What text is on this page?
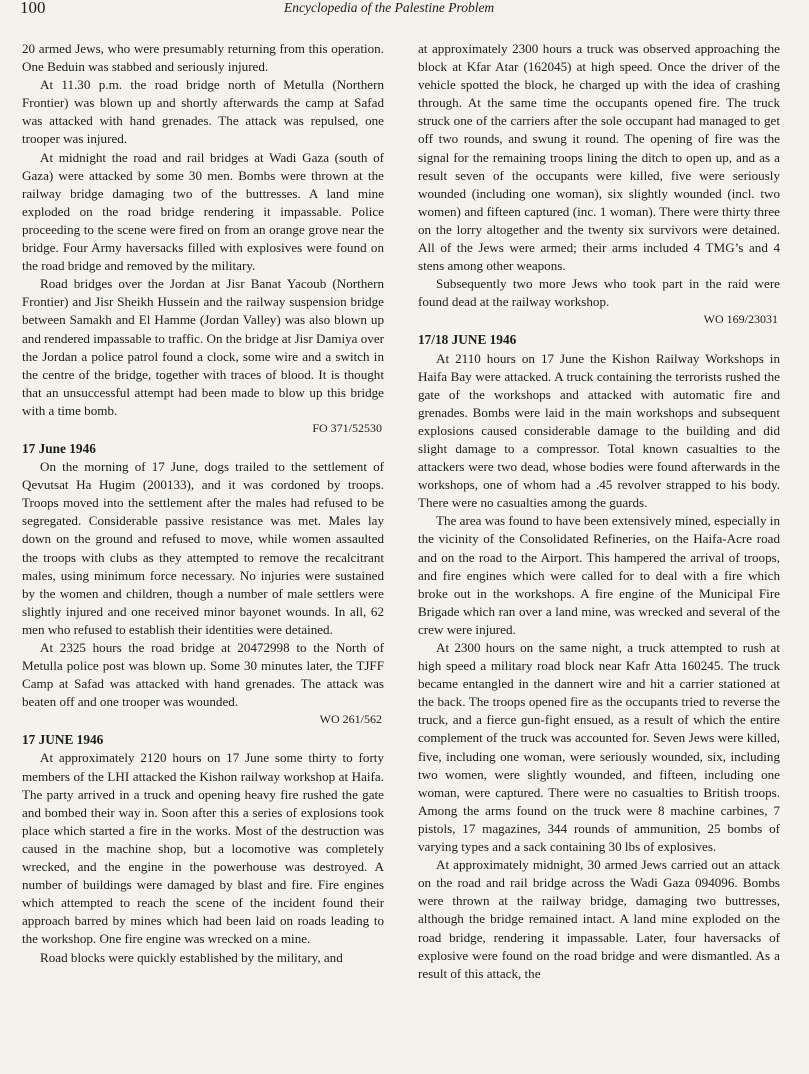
100	Encyclopedia of the Palestine Problem

20 armed Jews, who were presumably returning from this operation. One Beduin was stabbed and seriously injured.

At 11.30 p.m. the road bridge north of Metulla (Northern Frontier) was blown up and shortly afterwards the camp at Safad was attacked with hand grenades. The attack was repulsed, one trooper was injured.

At midnight the road and rail bridges at Wadi Gaza (south of Gaza) were attacked by some 30 men. Bombs were thrown at the railway bridge damaging two of the buttresses. A land mine exploded on the road bridge rendering it impassable. Police proceeding to the scene were fired on from an orange grove near the bridge. Four Army haversacks filled with explosives were found on the road bridge and removed by the military.

Road bridges over the Jordan at Jisr Banat Yacoub (Northern Frontier) and Jisr Sheikh Hussein and the railway suspension bridge between Samakh and El Hamme (Jordan Valley) was also blown up and rendered impassable to traffic. On the bridge at Jisr Damiya over the Jordan a police patrol found a clock, some wire and a switch in the centre of the bridge, together with traces of blood. It is thought that an unsuccessful attempt had been made to blow up this bridge with a time bomb.

FO 371/52530
17 June 1946

On the morning of 17 June, dogs trailed to the settlement of Qevutsat Ha Hugim (200133), and it was cordoned by troops. Troops moved into the settlement after the males had refused to be segregated. Considerable passive resistance was met. Males lay down on the ground and refused to move, while women assaulted the troops with clubs as they attempted to remove the recalcitrant males, using minimum force necessary. No injuries were sustained by the women and children, though a number of male settlers were slightly injured and one received minor bayonet wounds. In all, 62 men who refused to establish their identities were detained.

At 2325 hours the road bridge at 20472998 to the North of Metulla police post was blown up. Some 30 minutes later, the TJFF Camp at Safad was attacked with hand grenades. The attack was beaten off and one trooper was wounded.

WO 261/562
17 JUNE 1946

At approximately 2120 hours on 17 June some thirty to forty members of the LHI attacked the Kishon railway workshop at Haifa. The party arrived in a truck and opening heavy fire rushed the gate and bombed their way in. Soon after this a series of explosions took place which started a fire in the works. Most of the destruction was caused in the machine shop, but a locomotive was completely wrecked, and the engine in the powerhouse was destroyed. A number of buildings were damaged by blast and fire. Fire engines which attempted to reach the scene of the incident found their approach barred by mines which had been laid on roads leading to the workshop. One fire engine was wrecked on a mine.

Road blocks were quickly established by the military, and

at approximately 2300 hours a truck was observed approaching the block at Kfar Atar (162045) at high speed. Once the driver of the vehicle spotted the block, he charged up with the idea of crashing through. At the same time the occupants opened fire. The truck struck one of the carriers after the sole occupant had managed to get off two rounds, and swung it round. The opening of fire was the signal for the remaining troops lining the ditch to open up, and as a result seven of the occupants were killed, five were seriously wounded (including one woman), six slightly wounded (incl. two women) and fifteen captured (inc. 1 woman). There were thirty three on the lorry altogether and the twenty six survivors were detained. All of the Jews were armed; their arms included 4 TMG’s and 4 stens among other weapons.

Subsequently two more Jews who took part in the raid were found dead at the railway workshop.

WO 169/23031
17/18 JUNE 1946

At 2110 hours on 17 June the Kishon Railway Workshops in Haifa Bay were attacked. A truck containing the terrorists rushed the gate of the workshops and attacked with automatic fire and grenades. Bombs were laid in the main workshops and subsequent explosions caused considerable damage to the building and did slight damage to a compressor. Total known casualties to the attackers were two dead, whose bodies were found afterwards in the workshops, one of whom had a .45 revolver strapped to his body. There were no casualties among the guards.

The area was found to have been extensively mined, especially in the vicinity of the Consolidated Refineries, on the Haifa-Acre road and on the road to the Airport. This hampered the arrival of troops, and fire engines which were called for to deal with a fire which broke out in the workshops. A fire engine of the Municipal Fire Brigade which ran over a land mine, was wrecked and several of the crew were injured.

At 2300 hours on the same night, a truck attempted to rush at high speed a military road block near Kafr Atta 160245. The truck became entangled in the dannert wire and hit a carrier stationed at the back. The troops opened fire as the occupants tried to reverse the truck, and a fierce gun-fight ensued, as a result of which the entire complement of the truck was accounted for. Seven Jews were killed, five, including one woman, were seriously wounded, six, including two women, were slightly wounded, and fifteen, including one woman, were captured. There were no casualties to British troops. Among the arms found on the truck were 8 machine carbines, 7 pistols, 17 magazines, 344 rounds of ammunition, 25 bombs of varying types and a sack containing 30 lbs of explosives.

At approximately midnight, 30 armed Jews carried out an attack on the road and rail bridge across the Wadi Gaza 094096. Bombs were thrown at the railway bridge, damaging two buttresses, although the bridge remained intact. A land mine exploded on the road bridge, rendering it impassable. Later, four haversacks of explosive were found on the road bridge and were dismantled. As a result of this attack, the
